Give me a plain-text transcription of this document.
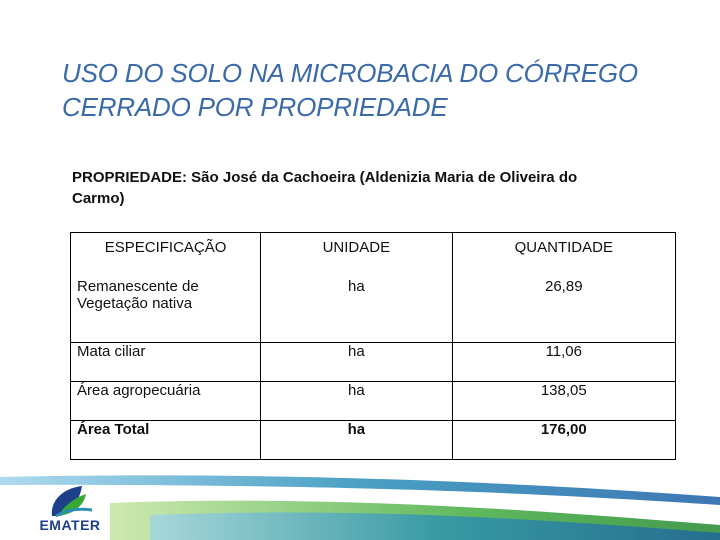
USO DO SOLO NA MICROBACIA DO CÓRREGO CERRADO POR PROPRIEDADE
PROPRIEDADE: São José da Cachoeira (Aldenizia Maria de Oliveira do Carmo)
ESPECIFICAÇÃO	UNIDADE	QUANTIDADE
Remanescente de Vegetação nativa	ha	26,89
Mata ciliar	ha	11,06
Área agropecuária	ha	138,05
Área Total	ha	176,00
EMATER
